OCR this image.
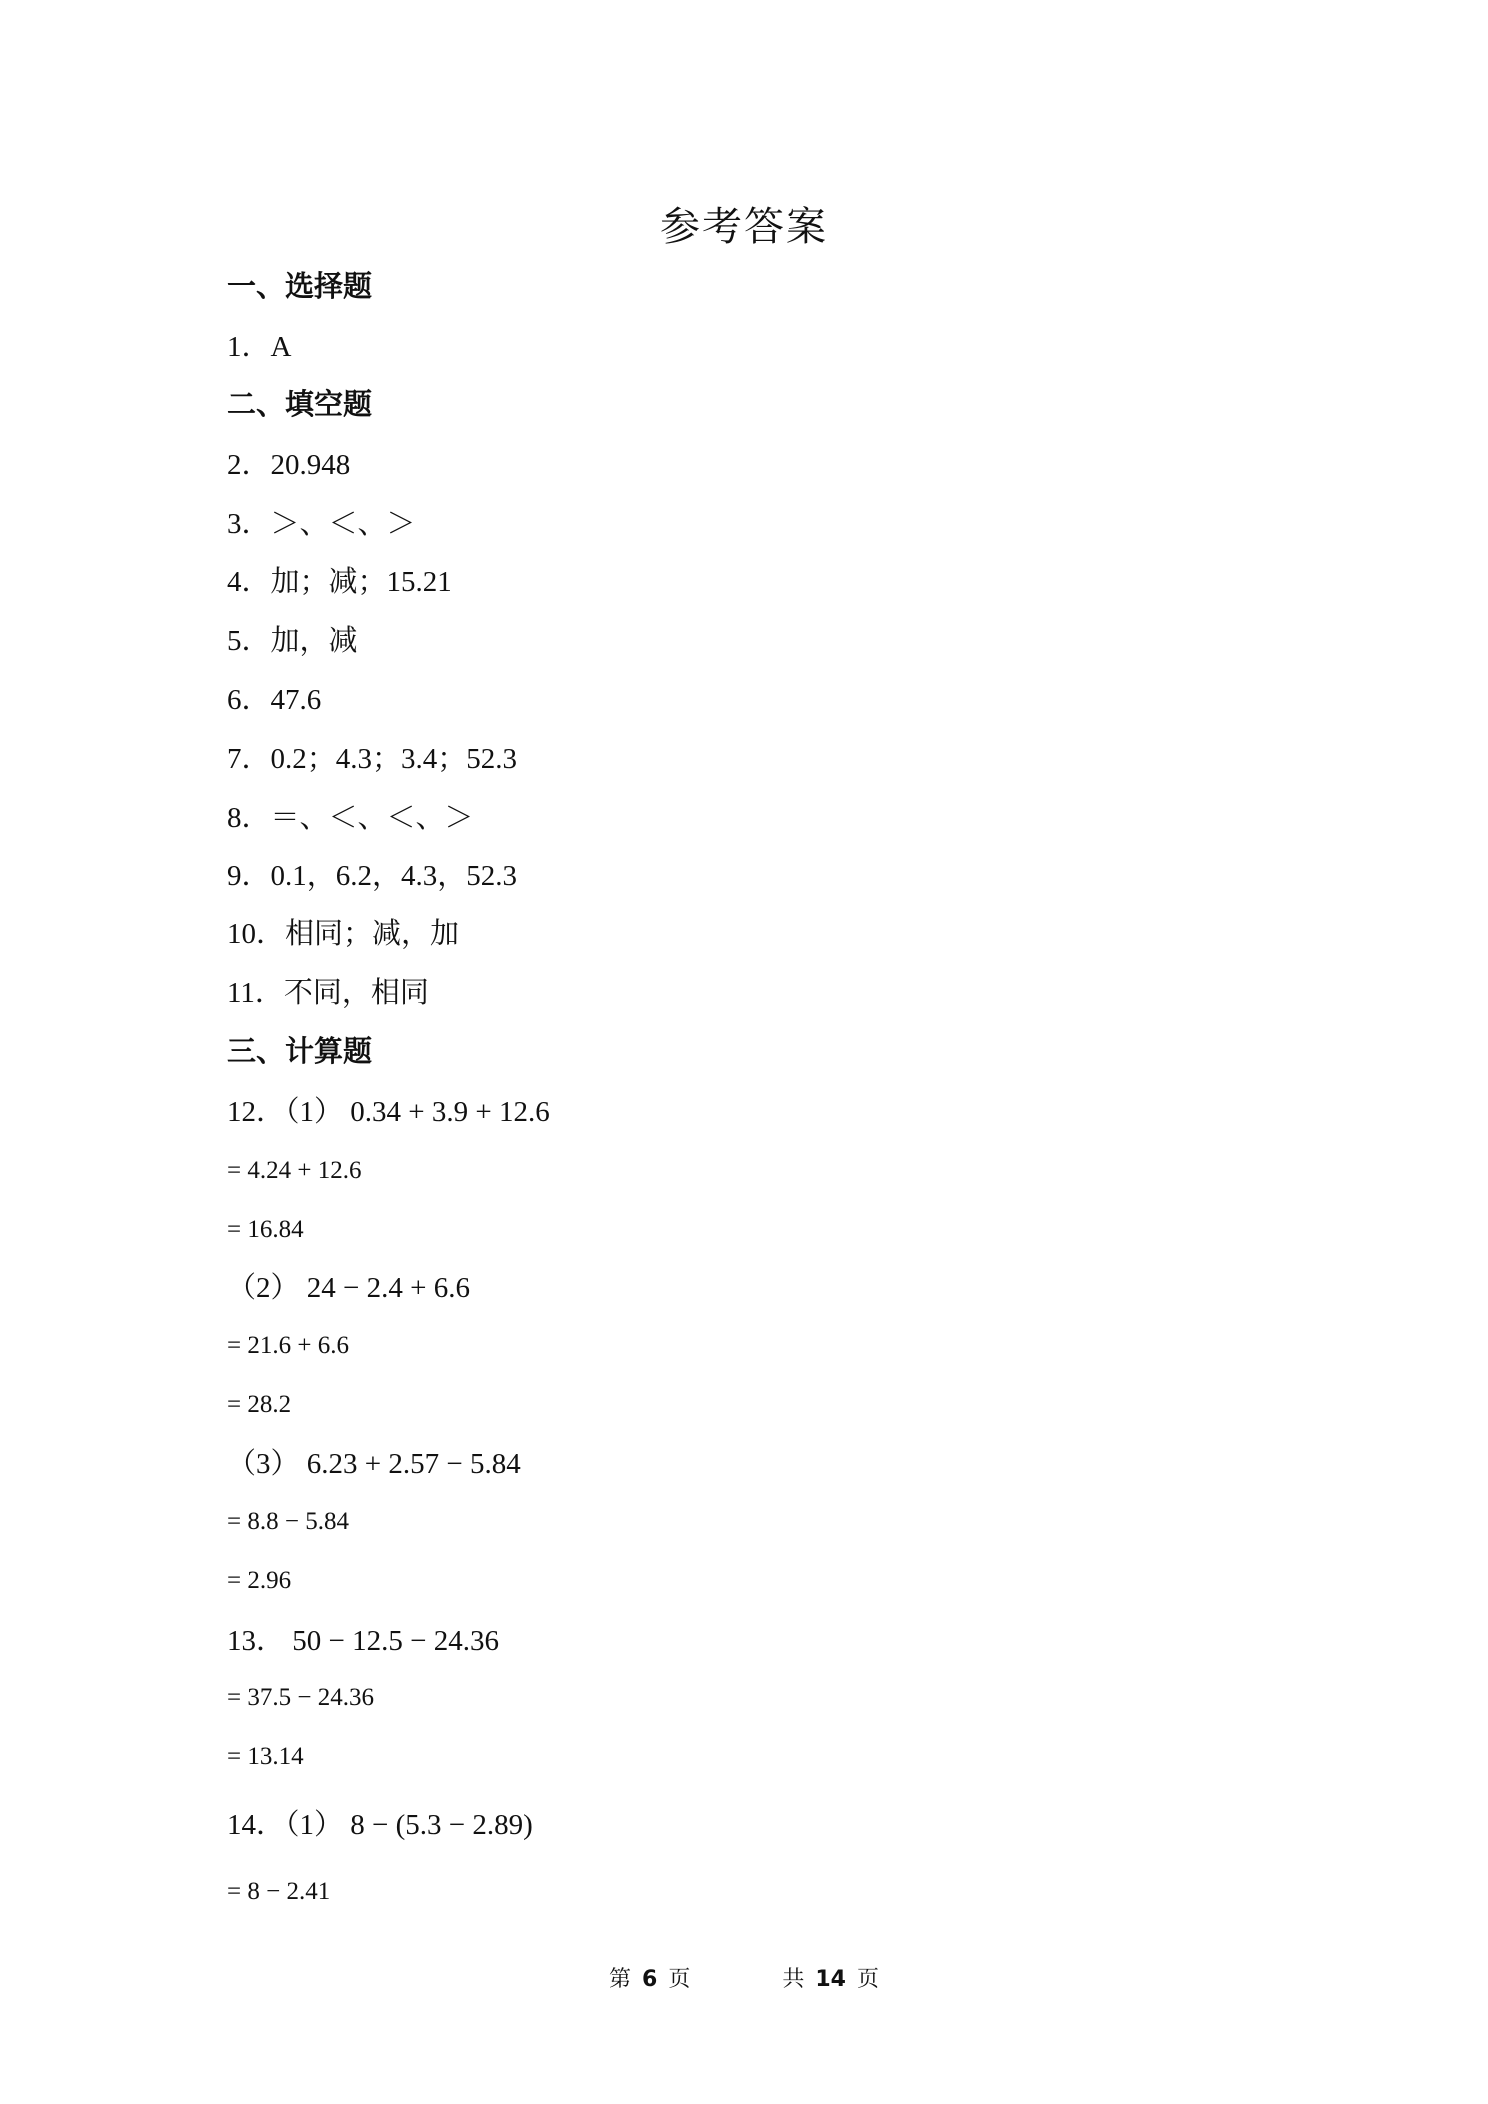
参考答案
一、选择题
1．A
二、填空题
2．20.948
3．＞、＜、＞
4．加；减；15.21
5．加，减
6．47.6
7．0.2；4.3；3.4；52.3
8．＝、＜、＜、＞
9．0.1，6.2，4.3，52.3
10．相同；减，加
11．不同，相同
三、计算题
12．（1） 0.34 + 3.9 + 12.6
= 4.24 + 12.6
= 16.84
（2） 24 − 2.4 + 6.6
= 21.6 + 6.6
= 28.2
（3） 6.23 + 2.57 − 5.84
= 8.8 − 5.84
= 2.96
13． 50 − 12.5 − 24.36
= 37.5 − 24.36
= 13.14
14．（1） 8 − (5.3 − 2.89)
= 8 − 2.41
第 6 页	共 14 页
